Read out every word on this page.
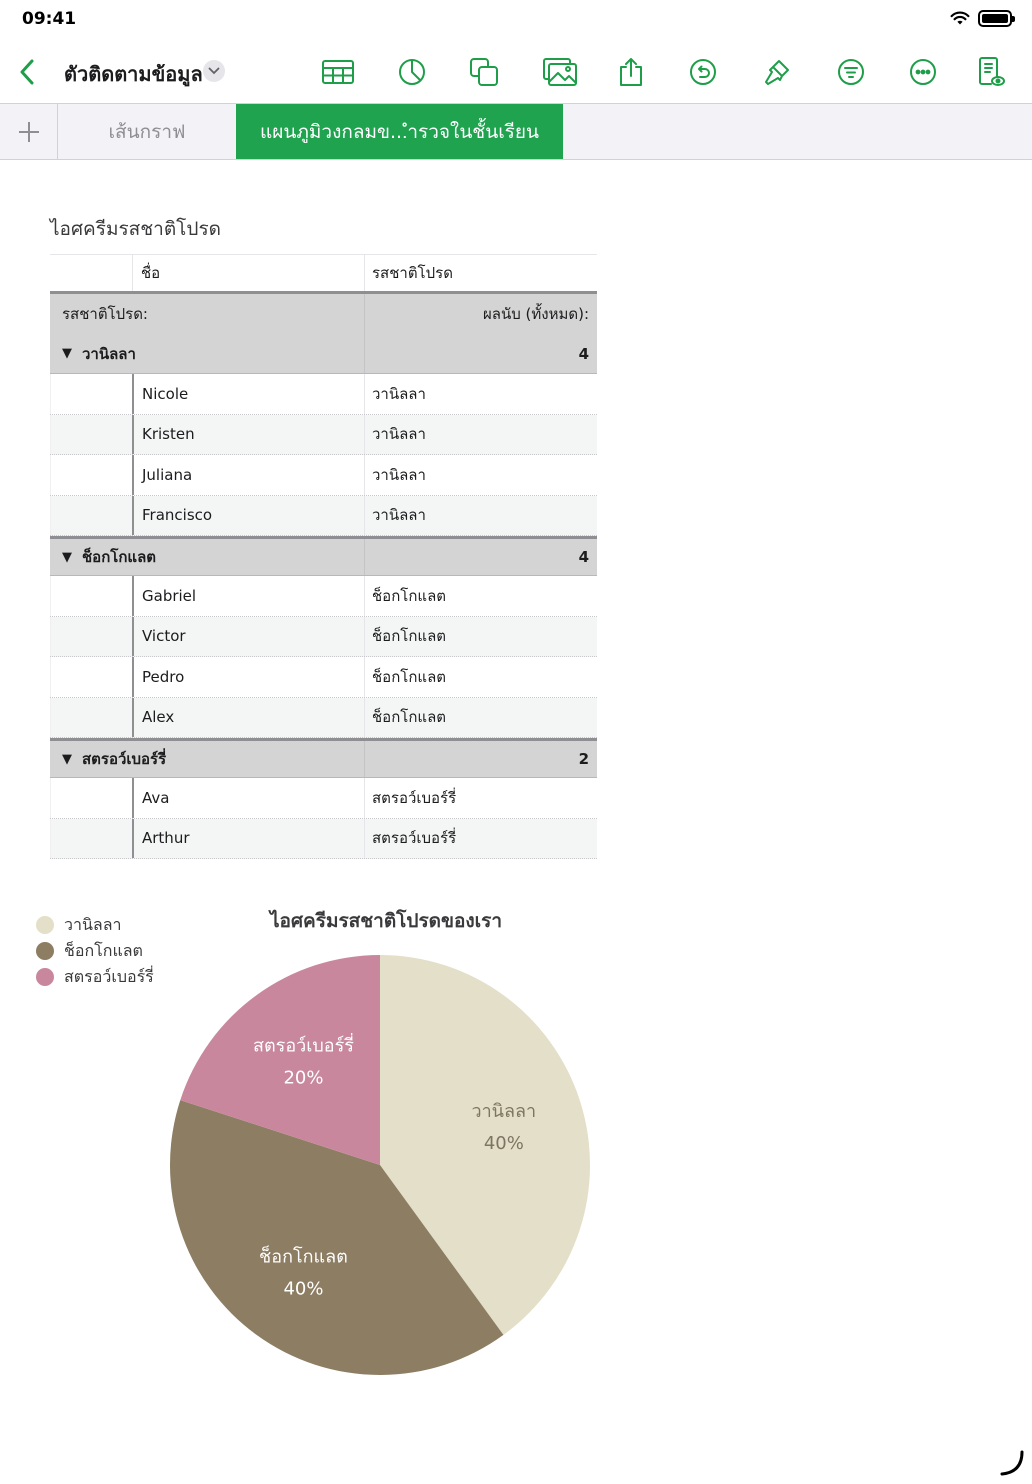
09:41
ตัวติดตามข้อมูล
เส้นกราฟ	แผนภูมิวงกลมข...ำรวจในชั้นเรียน
ไอศครีมรสชาติโปรด
ชื่อ	รสชาติโปรด
รสชาติโปรด:	ผลนับ (ทั้งหมด):
▼ วานิลลา	4
Nicole	วานิลลา
Kristen	วานิลลา
Juliana	วานิลลา
Francisco	วานิลลา
▼ ช็อกโกแลต	4
Gabriel	ช็อกโกแลต
Victor	ช็อกโกแลต
Pedro	ช็อกโกแลต
Alex	ช็อกโกแลต
▼ สตรอว์เบอร์รี่	2
Ava	สตรอว์เบอร์รี่
Arthur	สตรอว์เบอร์รี่
ไอศครีมรสชาติโปรดของเรา
วานิลลา
ช็อกโกแลต
สตรอว์เบอร์รี่
วานิลลา
40%
ช็อกโกแลต
40%
สตรอว์เบอร์รี่
20%
